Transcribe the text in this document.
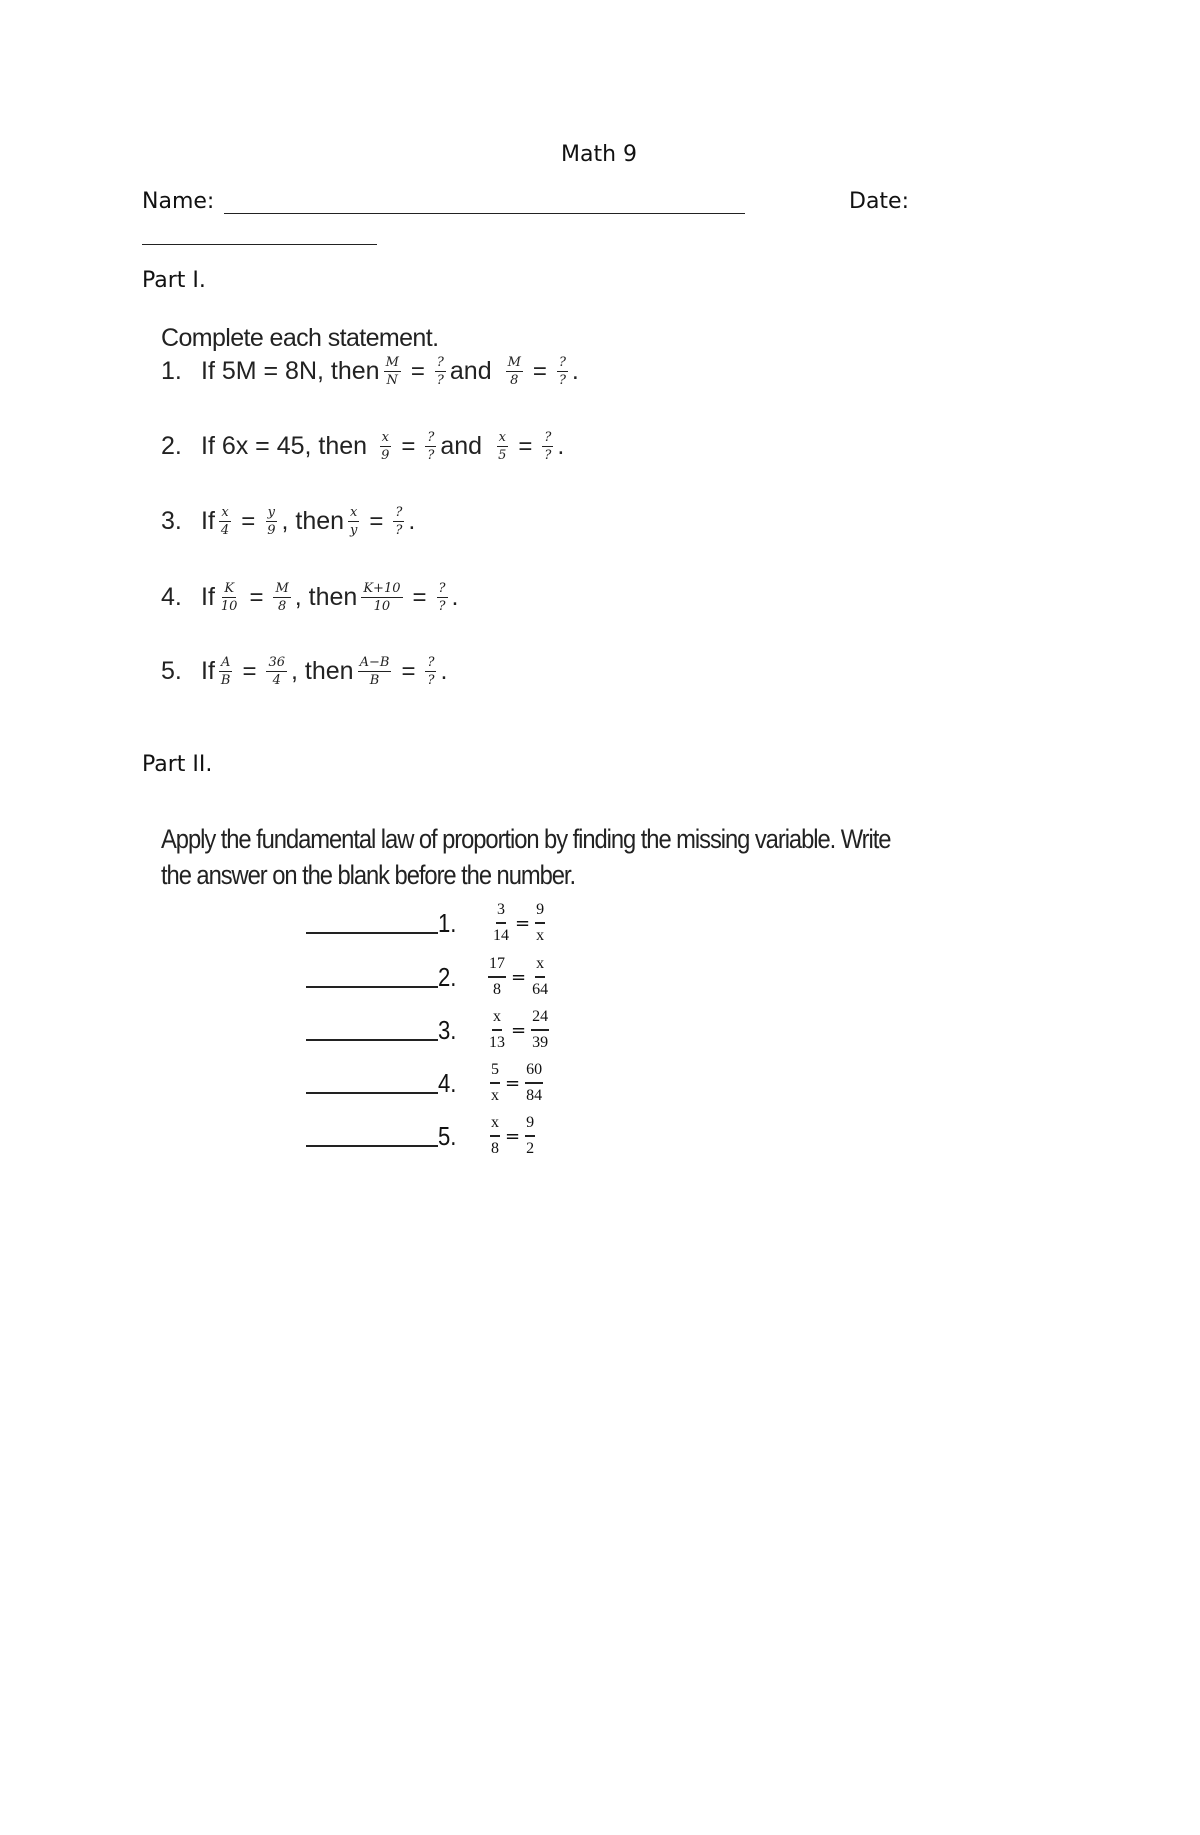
Math 9
Name:	Date:
Part I.
Complete each statement.
1. If 5M = 8N, then $\frac{M}{N} = \frac{?}{?}$ and $\frac{M}{8} = \frac{?}{?}$ .
2. If 6x = 45, then $\frac{x}{9} = \frac{?}{?}$ and $\frac{x}{5} = \frac{?}{?}$ .
3. If $\frac{x}{4} = \frac{y}{9}$ , then $\frac{x}{y} = \frac{?}{?}$ .
4. If $\frac{K}{10} = \frac{M}{8}$ , then $\frac{K+10}{10} = \frac{?}{?}$ .
5. If $\frac{A}{B} = \frac{36}{4}$ , then $\frac{A-B}{B} = \frac{?}{?}$ .
Part II.
Apply the fundamental law of proportion by finding the missing variable. Write
the answer on the blank before the number.
1.	$\frac{3}{14} = \frac{9}{x}$
2.	$\frac{17}{8} = \frac{x}{64}$
3.	$\frac{x}{13} = \frac{24}{39}$
4.	$\frac{5}{x} = \frac{60}{84}$
5.	$\frac{x}{8} = \frac{9}{2}$
